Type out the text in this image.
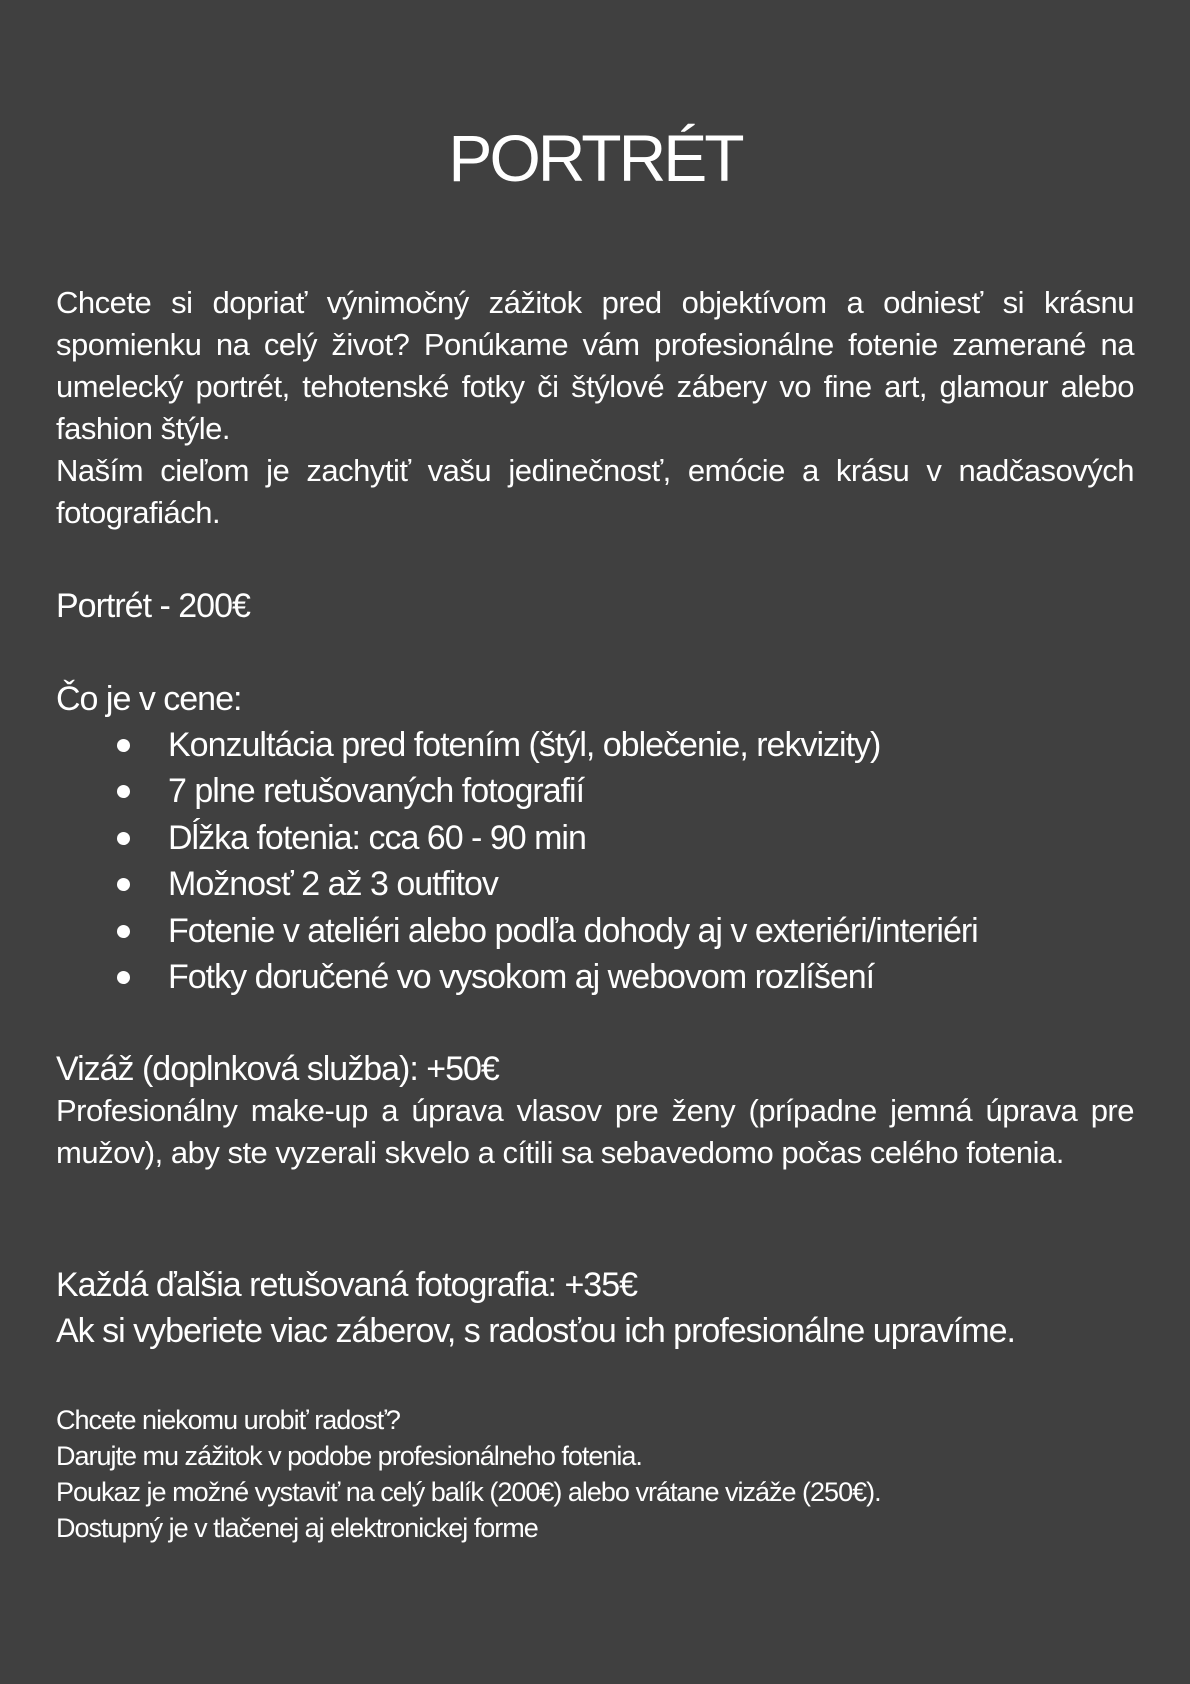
PORTRÉT

Chcete si dopriať výnimočný zážitok pred objektívom a odniesť si krásnu spomienku na celý život? Ponúkame vám profesionálne fotenie zamerané na umelecký portrét, tehotenské fotky či štýlové zábery vo fine art, glamour alebo fashion štýle.

Naším cieľom je zachytiť vašu jedinečnosť, emócie a krásu v nadčasových fotografiách.

Portrét - 200€

Čo je v cene:

Konzultácia pred fotením (štýl, oblečenie, rekvizity)
7 plne retušovaných fotografií
Dĺžka fotenia: cca 60 - 90 min
Možnosť 2 až 3 outfitov
Fotenie v ateliéri alebo podľa dohody aj v exteriéri/interiéri
Fotky doručené vo vysokom aj webovom rozlíšení

Vizáž (doplnková služba): +50€

Profesionálny make-up a úprava vlasov pre ženy (prípadne jemná úprava pre mužov), aby ste vyzerali skvelo a cítili sa sebavedomo počas celého fotenia.

Každá ďalšia retušovaná fotografia: +35€

Ak si vyberiete viac záberov, s radosťou ich profesionálne upravíme.

Chcete niekomu urobiť radosť?

Darujte mu zážitok v podobe profesionálneho fotenia.

Poukaz je možné vystaviť na celý balík (200€) alebo vrátane vizáže (250€).

Dostupný je v tlačenej aj elektronickej forme
